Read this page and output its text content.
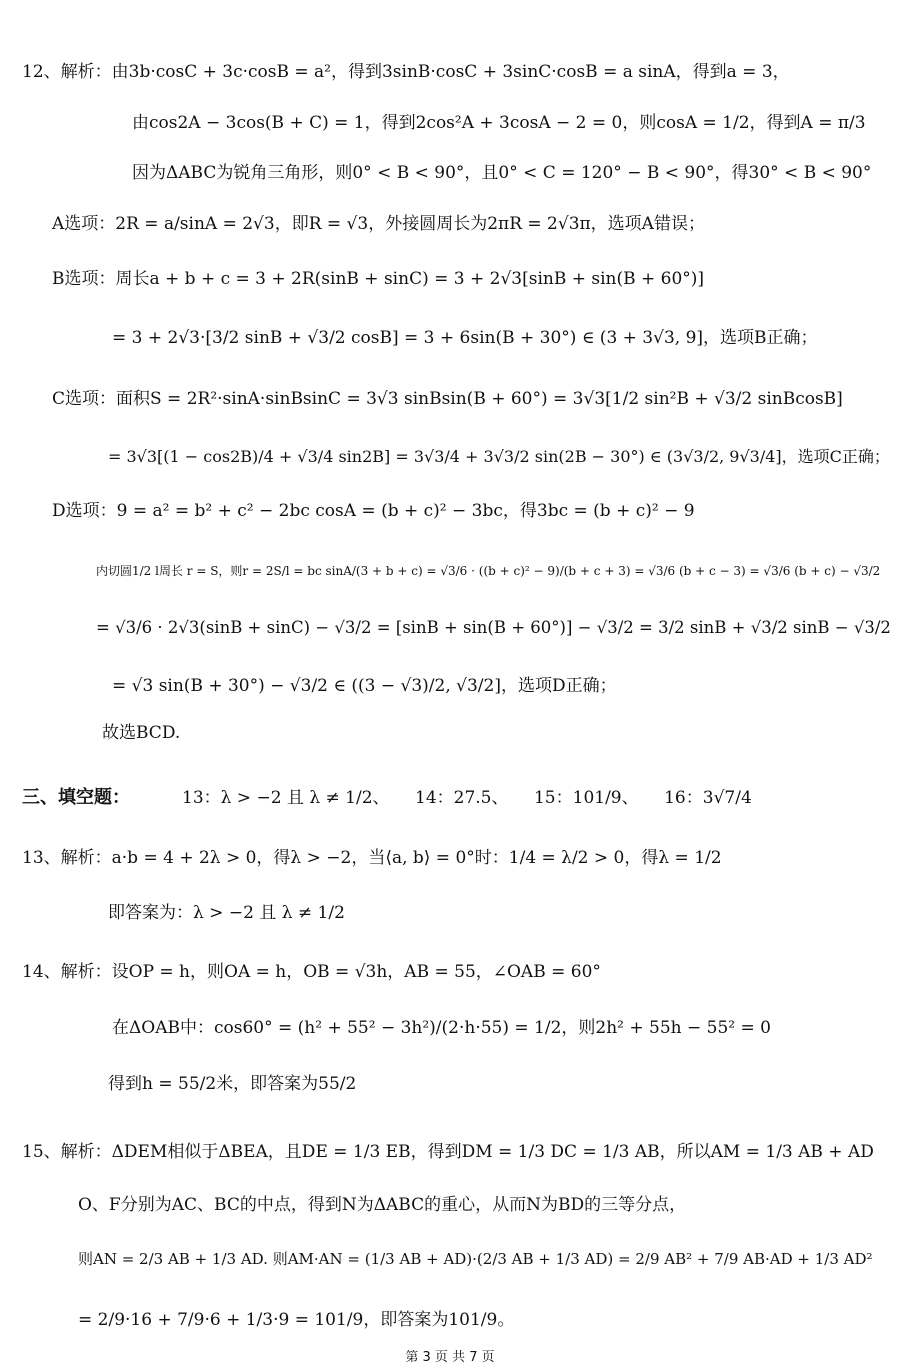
12、解析：由3b·cosC + 3c·cosB = a²，得到3sinB·cosC + 3sinC·cosB = a sinA，得到a = 3，
由cos2A − 3cos(B + C) = 1，得到2cos²A + 3cosA − 2 = 0，则cosA = 1/2，得到A = π/3
因为ΔABC为锐角三角形，则0° < B < 90°，且0° < C = 120° − B < 90°，得30° < B < 90°
A选项：2R = a/sinA = 2√3，即R = √3，外接圆周长为2πR = 2√3π，选项A错误；
B选项：周长a + b + c = 3 + 2R(sinB + sinC) = 3 + 2√3[sinB + sin(B + 60°)]
= 3 + 2√3·[3/2 sinB + √3/2 cosB] = 3 + 6sin(B + 30°) ∈ (3 + 3√3, 9]，选项B正确；
C选项：面积S = 2R²·sinA·sinBsinC = 3√3 sinBsin(B + 60°) = 3√3[1/2 sin²B + √3/2 sinBcosB]
= 3√3[(1 − cos2B)/4 + √3/4 sin2B] = 3√3/4 + 3√3/2 sin(2B − 30°) ∈ (3√3/2, 9√3/4]，选项C正确；
D选项：9 = a² = b² + c² − 2bc cosA = (b + c)² − 3bc，得3bc = (b + c)² − 9
内切圆1/2 l周长 r = S，则r = 2S/l = bc sinA/(3 + b + c) = √3/6 · ((b + c)² − 9)/(b + c + 3) = √3/6 (b + c − 3) = √3/6 (b + c) − √3/2
= √3/6 · 2√3(sinB + sinC) − √3/2 = [sinB + sin(B + 60°)] − √3/2 = 3/2 sinB + √3/2 sinB − √3/2
= √3 sin(B + 30°) − √3/2 ∈ ((3 − √3)/2, √3/2]，选项D正确；
故选BCD.
三、填空题：	13：λ > −2 且 λ ≠ 1/2、　　14：27.5、　　15：101/9、　　16：3√7/4
13、解析：a·b = 4 + 2λ > 0，得λ > −2，当⟨a, b⟩ = 0°时：1/4 = λ/2 > 0，得λ = 1/2
即答案为：λ > −2 且 λ ≠ 1/2
14、解析：设OP = h，则OA = h，OB = √3h，AB = 55，∠OAB = 60°
在ΔOAB中：cos60° = (h² + 55² − 3h²)/(2·h·55) = 1/2，则2h² + 55h − 55² = 0
得到h = 55/2米，即答案为55/2
15、解析：ΔDEM相似于ΔBEA，且DE = 1/3 EB，得到DM = 1/3 DC = 1/3 AB，所以AM = 1/3 AB + AD
O、F分别为AC、BC的中点，得到N为ΔABC的重心，从而N为BD的三等分点，
则AN = 2/3 AB + 1/3 AD. 则AM·AN = (1/3 AB + AD)·(2/3 AB + 1/3 AD) = 2/9 AB² + 7/9 AB·AD + 1/3 AD²
= 2/9·16 + 7/9·6 + 1/3·9 = 101/9，即答案为101/9。
第 3 页 共 7 页
